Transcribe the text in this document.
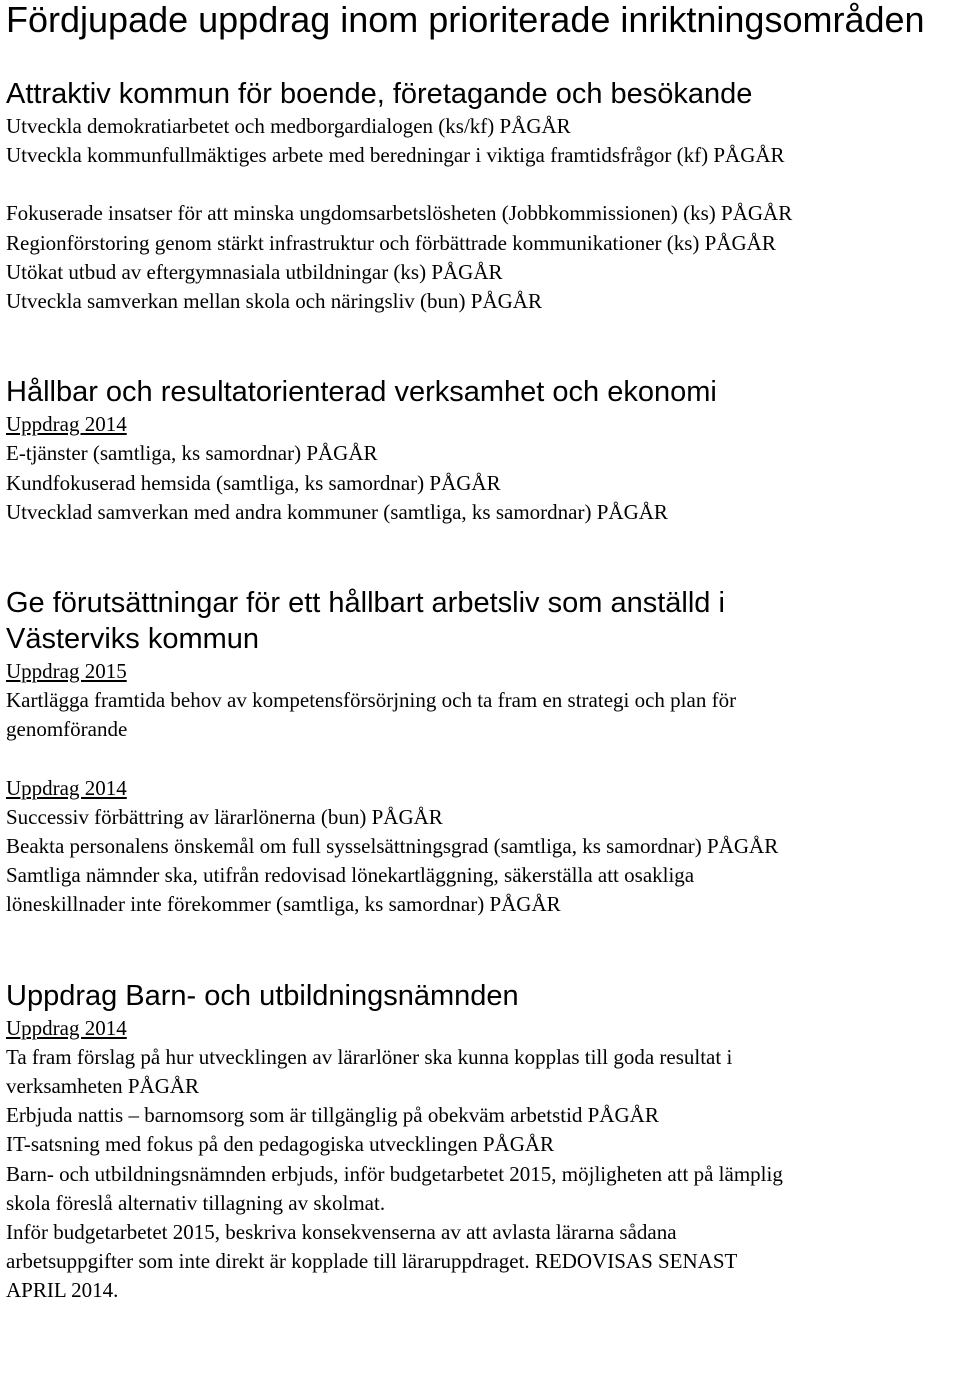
Fördjupade uppdrag inom prioriterade inriktningsområden
Attraktiv kommun för boende, företagande och besökande

Utveckla demokratiarbetet och medborgardialogen (ks/kf) PÅGÅR

Utveckla kommunfullmäktiges arbete med beredningar i viktiga framtidsfrågor (kf) PÅGÅR

Fokuserade insatser för att minska ungdomsarbetslösheten (Jobbkommissionen) (ks) PÅGÅR

Regionförstoring genom stärkt infrastruktur och förbättrade kommunikationer (ks) PÅGÅR

Utökat utbud av eftergymnasiala utbildningar (ks) PÅGÅR

Utveckla samverkan mellan skola och näringsliv (bun) PÅGÅR

Hållbar och resultatorienterad verksamhet och ekonomi

Uppdrag 2014

E-tjänster (samtliga, ks samordnar) PÅGÅR

Kundfokuserad hemsida (samtliga, ks samordnar) PÅGÅR

Utvecklad samverkan med andra kommuner (samtliga, ks samordnar) PÅGÅR

Ge förutsättningar för ett hållbart arbetsliv som anställd i
Västerviks kommun

Uppdrag 2015

Kartlägga framtida behov av kompetensförsörjning och ta fram en strategi och plan för

genomförande

Uppdrag 2014

Successiv förbättring av lärarlönerna (bun) PÅGÅR

Beakta personalens önskemål om full sysselsättningsgrad (samtliga, ks samordnar) PÅGÅR

Samtliga nämnder ska, utifrån redovisad lönekartläggning, säkerställa att osakliga

löneskillnader inte förekommer (samtliga, ks samordnar) PÅGÅR

Uppdrag Barn- och utbildningsnämnden

Uppdrag 2014

Ta fram förslag på hur utvecklingen av lärarlöner ska kunna kopplas till goda resultat i

verksamheten PÅGÅR

Erbjuda nattis – barnomsorg som är tillgänglig på obekväm arbetstid PÅGÅR

IT-satsning med fokus på den pedagogiska utvecklingen PÅGÅR

Barn- och utbildningsnämnden erbjuds, inför budgetarbetet 2015, möjligheten att på lämplig

skola föreslå alternativ tillagning av skolmat.

Inför budgetarbetet 2015, beskriva konsekvenserna av att avlasta lärarna sådana

arbetsuppgifter som inte direkt är kopplade till läraruppdraget. REDOVISAS SENAST

APRIL 2014.
